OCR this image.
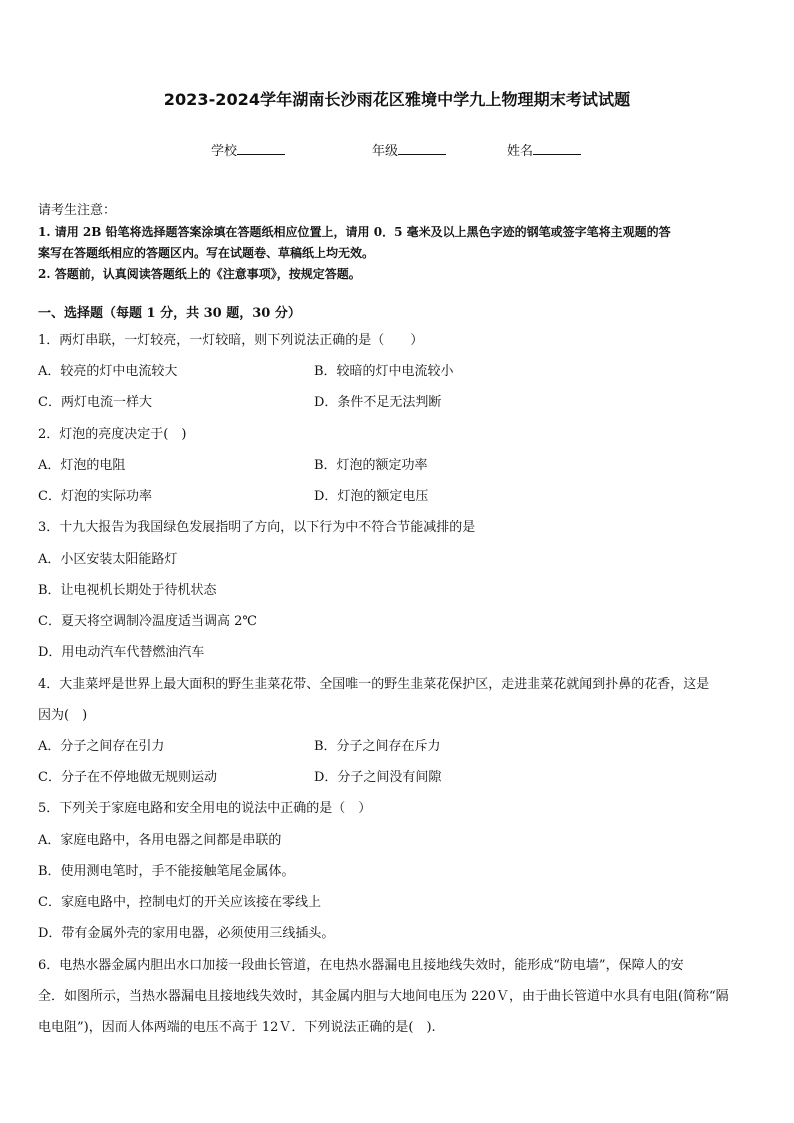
2023-2024学年湖南长沙雨花区雅境中学九上物理期末考试试题
学校	年级	姓名
请考生注意：
1. 请用 2B 铅笔将选择题答案涂填在答题纸相应位置上，请用 0．5 毫米及以上黑色字迹的钢笔或签字笔将主观题的答
案写在答题纸相应的答题区内。写在试题卷、草稿纸上均无效。
2. 答题前，认真阅读答题纸上的《注意事项》，按规定答题。
一、选择题（每题 1 分，共 30 题，30 分）
1．两灯串联，一灯较亮，一灯较暗，则下列说法正确的是（　　）
A．较亮的灯中电流较大	B．较暗的灯中电流较小
C．两灯电流一样大	D．条件不足无法判断
2．灯泡的亮度决定于(　)
A．灯泡的电阻	B．灯泡的额定功率
C．灯泡的实际功率	D．灯泡的额定电压
3．十九大报告为我国绿色发展指明了方向，以下行为中不符合节能减排的是
A．小区安装太阳能路灯
B．让电视机长期处于待机状态
C．夏天将空调制冷温度适当调高 2℃
D．用电动汽车代替燃油汽车
4．大韭菜坪是世界上最大面积的野生韭菜花带、全国唯一的野生韭菜花保护区，走进韭菜花就闻到扑鼻的花香，这是
因为(　)
A．分子之间存在引力	B．分子之间存在斥力
C．分子在不停地做无规则运动	D．分子之间没有间隙
5．下列关于家庭电路和安全用电的说法中正确的是（　）
A．家庭电路中，各用电器之间都是串联的
B．使用测电笔时，手不能接触笔尾金属体。
C．家庭电路中，控制电灯的开关应该接在零线上
D．带有金属外壳的家用电器，必须使用三线插头。
6．电热水器金属内胆出水口加接一段曲长管道，在电热水器漏电且接地线失效时，能形成“防电墙”，保障人的安
全．如图所示，当热水器漏电且接地线失效时，其金属内胆与大地间电压为 220Ｖ，由于曲长管道中水具有电阻(简称“隔
电电阻”)，因而人体两端的电压不高于 12Ｖ．下列说法正确的是(　).
